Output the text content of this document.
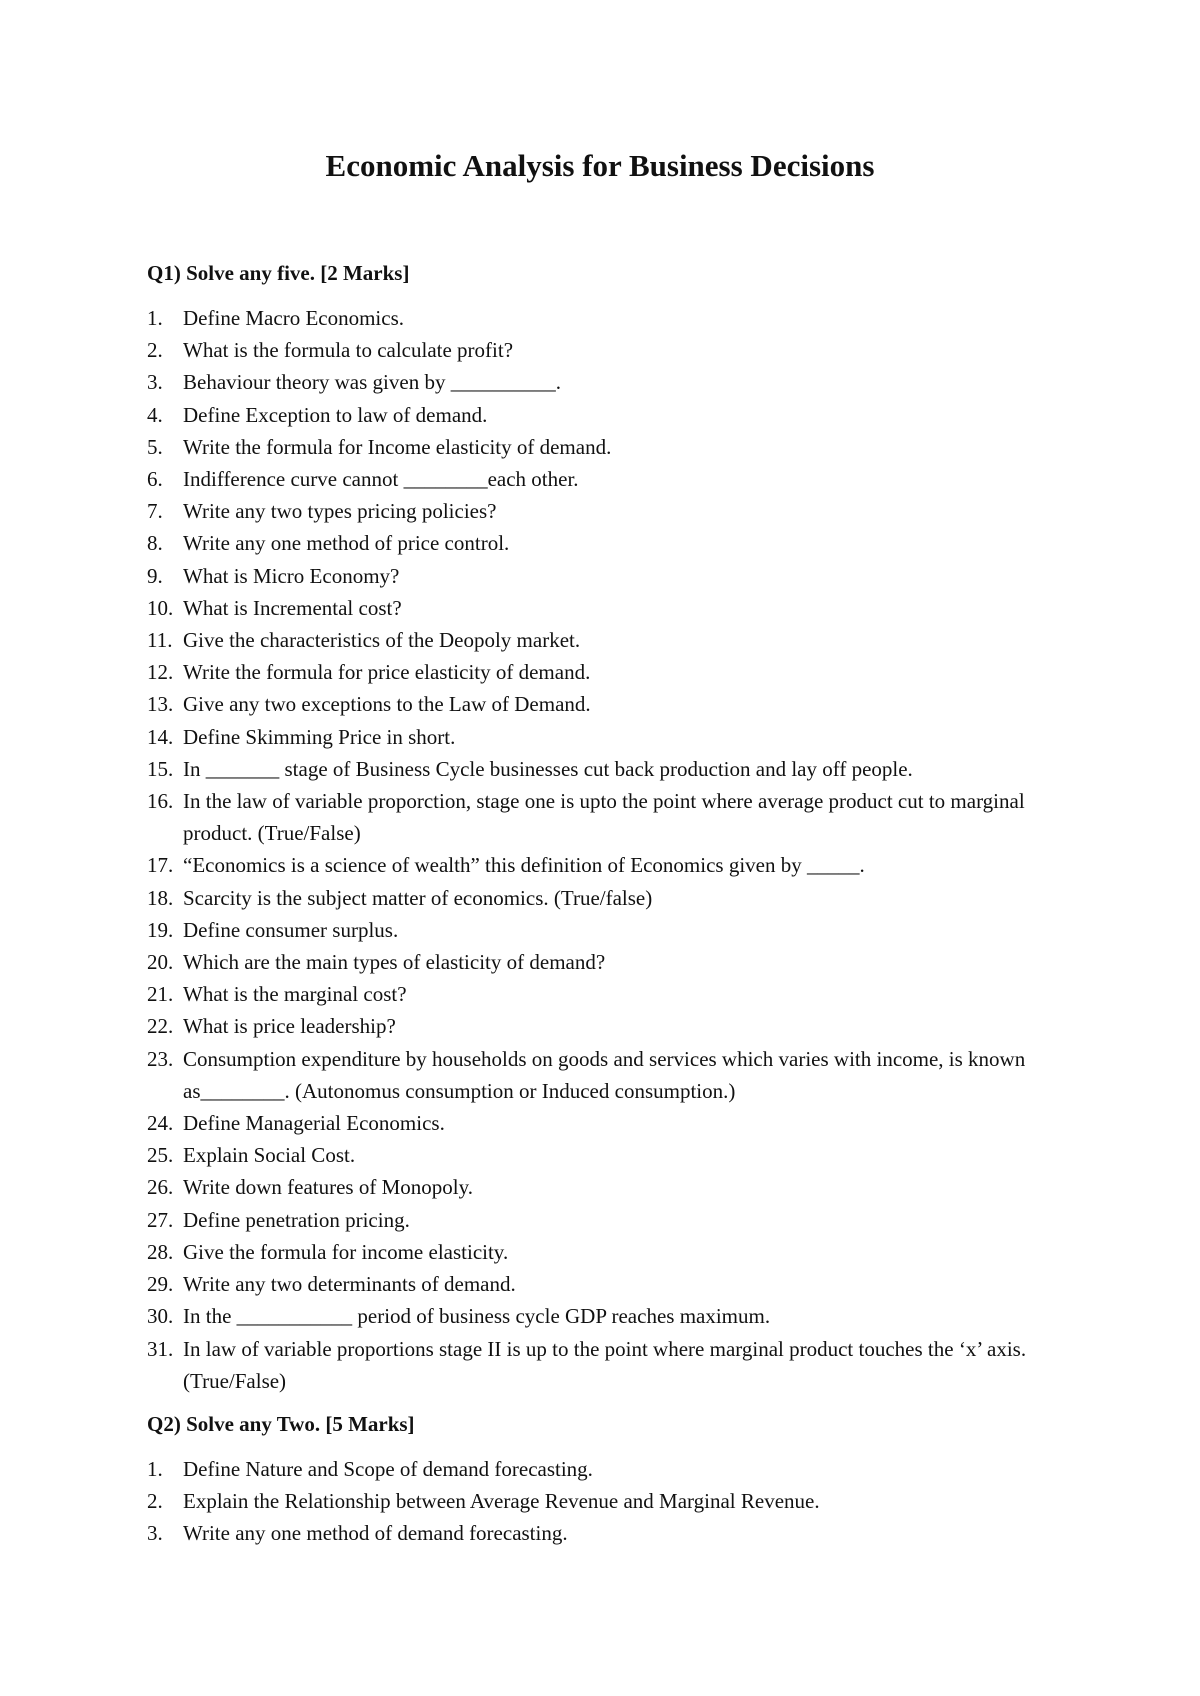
Economic Analysis for Business Decisions
Q1) Solve any five. [2 Marks]
1. Define Macro Economics.
2. What is the formula to calculate profit?
3. Behaviour theory was given by __________.
4. Define Exception to law of demand.
5. Write the formula for Income elasticity of demand.
6. Indifference curve cannot ________each other.
7. Write any two types pricing policies?
8. Write any one method of price control.
9. What is Micro Economy?
10. What is Incremental cost?
11. Give the characteristics of the Deopoly market.
12. Write the formula for price elasticity of demand.
13. Give any two exceptions to the Law of Demand.
14. Define Skimming Price in short.
15. In _______ stage of Business Cycle businesses cut back production and lay off people.
16. In the law of variable proporction, stage one is upto the point where average product cut to marginal product. (True/False)
17. “Economics is a science of wealth” this definition of Economics given by _____.
18. Scarcity is the subject matter of economics. (True/false)
19. Define consumer surplus.
20. Which are the main types of elasticity of demand?
21. What is the marginal cost?
22. What is price leadership?
23. Consumption expenditure by households on goods and services which varies with income, is known as________. (Autonomus consumption or Induced consumption.)
24. Define Managerial Economics.
25. Explain Social Cost.
26. Write down features of Monopoly.
27. Define penetration pricing.
28. Give the formula for income elasticity.
29. Write any two determinants of demand.
30. In the ___________ period of business cycle GDP reaches maximum.
31. In law of variable proportions stage II is up to the point where marginal product touches the ‘x’ axis. (True/False)
Q2) Solve any Two. [5 Marks]
1. Define Nature and Scope of demand forecasting.
2. Explain the Relationship between Average Revenue and Marginal Revenue.
3. Write any one method of demand forecasting.
